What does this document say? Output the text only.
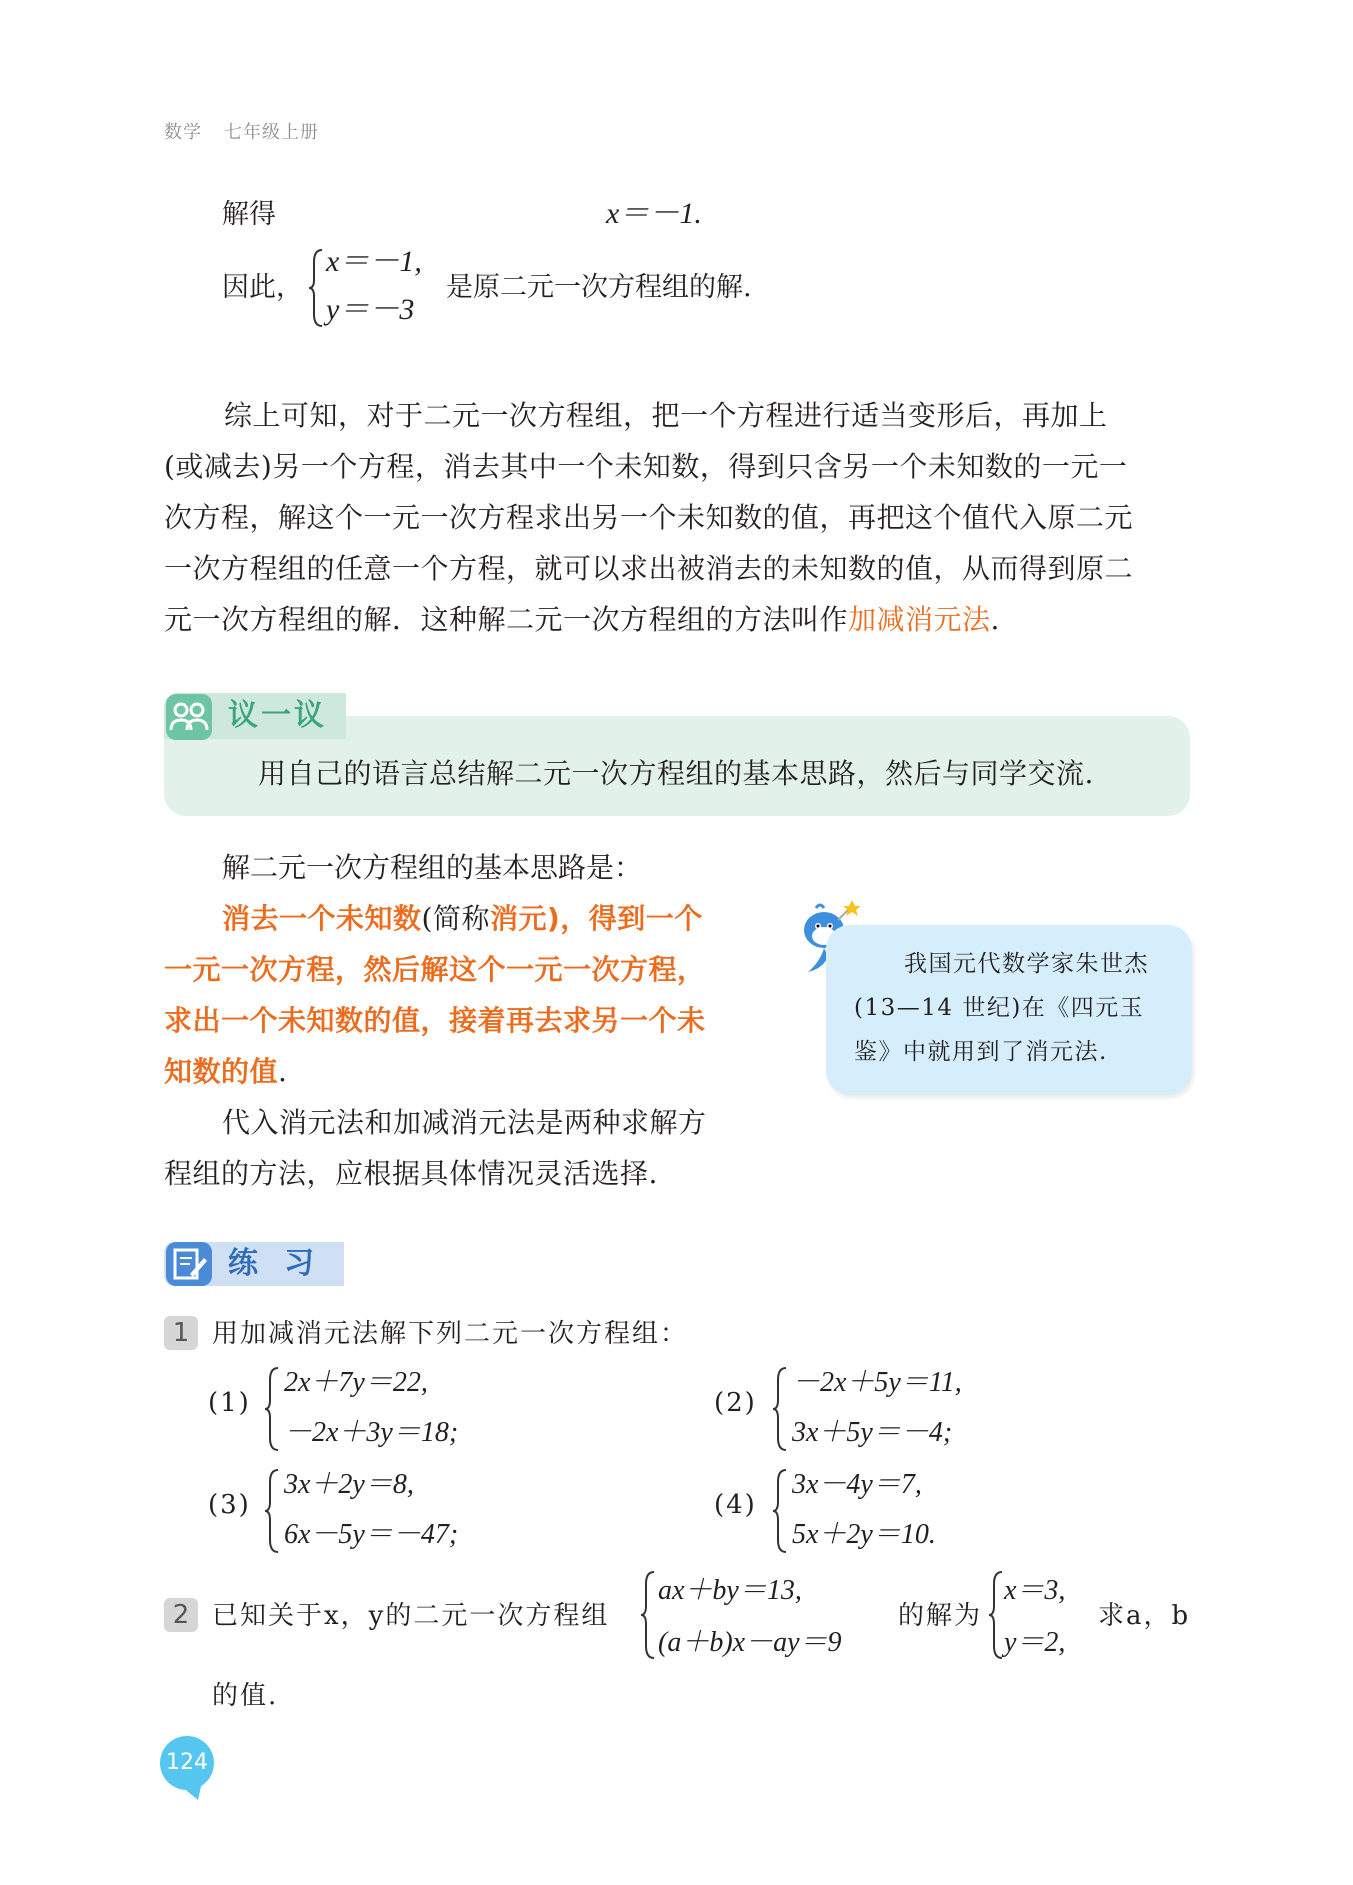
数学 七年级上册
解得	x＝－1.
因此，
x＝－1,
y＝－3
是原二元一次方程组的解.
综上可知，对于二元一次方程组，把一个方程进行适当变形后，再加上
(或减去)另一个方程，消去其中一个未知数，得到只含另一个未知数的一元一
次方程，解这个一元一次方程求出另一个未知数的值，再把这个值代入原二元
一次方程组的任意一个方程，就可以求出被消去的未知数的值，从而得到原二
元一次方程组的解．这种解二元一次方程组的方法叫作加减消元法.
议一议
用自己的语言总结解二元一次方程组的基本思路，然后与同学交流.
解二元一次方程组的基本思路是：
消去一个未知数(简称消元)，得到一个
一元一次方程，然后解这个一元一次方程，
求出一个未知数的值，接着再去求另一个未
知数的值.
代入消元法和加减消元法是两种求解方
程组的方法，应根据具体情况灵活选择.
我国元代数学家朱世杰(13—14 世纪)在《四元玉鉴》中就用到了消元法.
练习
1 用加减消元法解下列二元一次方程组：
(1)
2x＋7y＝22,
－2x＋3y＝18;
(2)
－2x＋5y＝11,
3x＋5y＝－4;
(3)
3x＋2y＝8,
6x－5y＝－47;
(4)
3x－4y＝7,
5x＋2y＝10.
2 已知关于x，y的二元一次方程组
ax＋by＝13,
(a＋b)x－ay＝9
的解为
x＝3,
y＝2,
求a，b
的值.
124
